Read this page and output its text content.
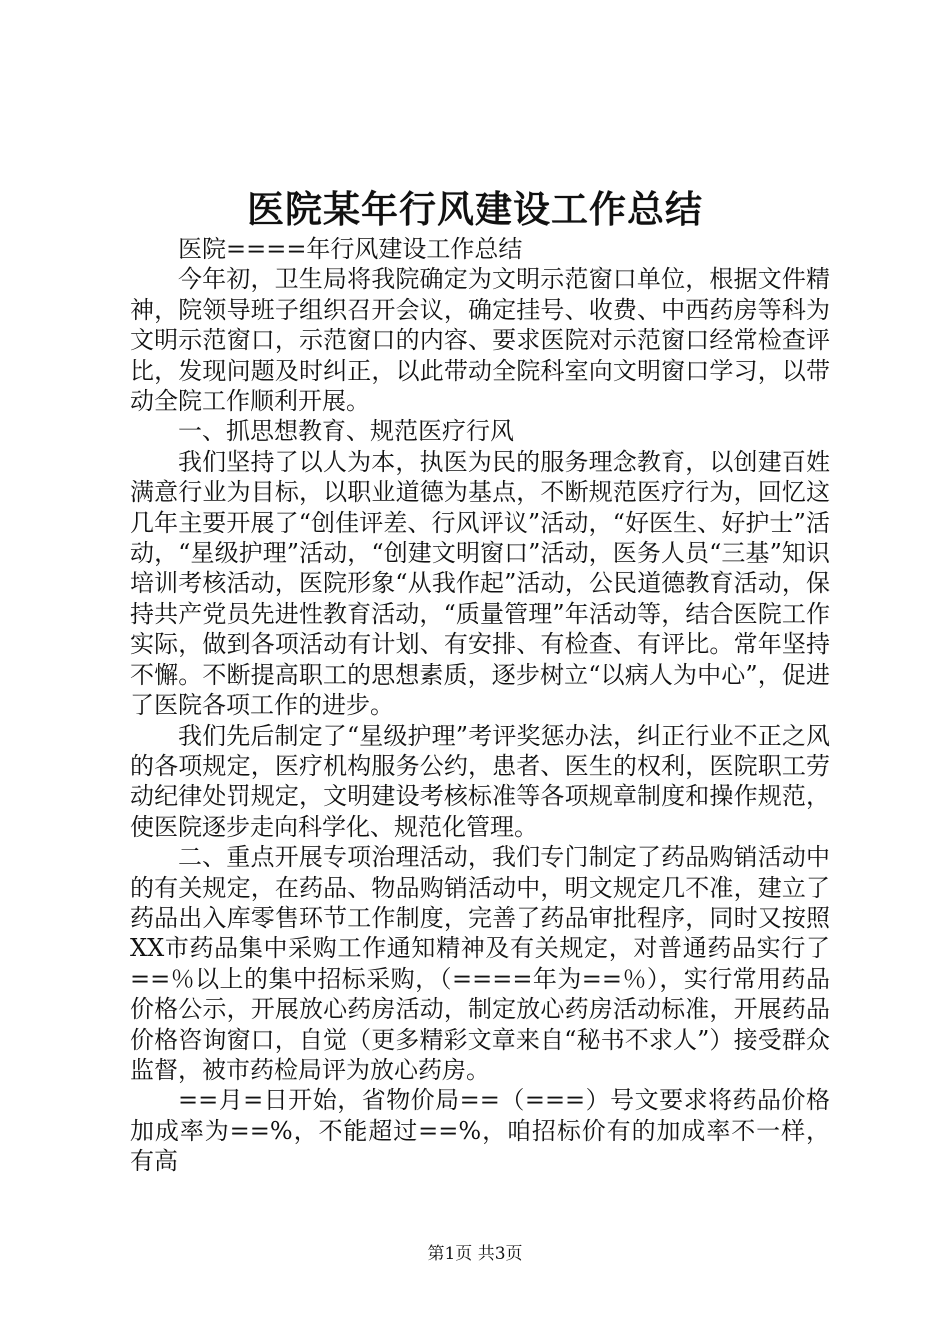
医院某年行风建设工作总结

医院====年行风建设工作总结

今年初，卫生局将我院确定为文明示范窗口单位，根据文件精神，院领导班子组织召开会议，确定挂号、收费、中西药房等科为文明示范窗口，示范窗口的内容、要求医院对示范窗口经常检查评比，发现问题及时纠正，以此带动全院科室向文明窗口学习，以带动全院工作顺利开展。

一、抓思想教育、规范医疗行风

我们坚持了以人为本，执医为民的服务理念教育，以创建百姓满意行业为目标，以职业道德为基点，不断规范医疗行为，回忆这几年主要开展了“创佳评差、行风评议”活动，“好医生、好护士”活动，“星级护理”活动，“创建文明窗口”活动，医务人员“三基”知识培训考核活动，医院形象“从我作起”活动，公民道德教育活动，保持共产党员先进性教育活动，“质量管理”年活动等，结合医院工作实际，做到各项活动有计划、有安排、有检查、有评比。常年坚持不懈。不断提高职工的思想素质，逐步树立“以病人为中心”，促进了医院各项工作的进步。

我们先后制定了“星级护理”考评奖惩办法，纠正行业不正之风的各项规定，医疗机构服务公约，患者、医生的权利，医院职工劳动纪律处罚规定，文明建设考核标准等各项规章制度和操作规范，使医院逐步走向科学化、规范化管理。

二、重点开展专项治理活动，我们专门制定了药品购销活动中的有关规定，在药品、物品购销活动中，明文规定几不准，建立了药品出入库零售环节工作制度，完善了药品审批程序，同时又按照XX市药品集中采购工作通知精神及有关规定，对普通药品实行了==％以上的集中招标采购，（====年为==％），实行常用药品价格公示，开展放心药房活动，制定放心药房活动标准，开展药品价格咨询窗口，自觉（更多精彩文章来自“秘书不求人”）接受群众监督，被市药检局评为放心药房。

==月=日开始，省物价局==（===）号文要求将药品价格加成率为==%，不能超过==%，咱招标价有的加成率不一样，有高

第1页 共3页
